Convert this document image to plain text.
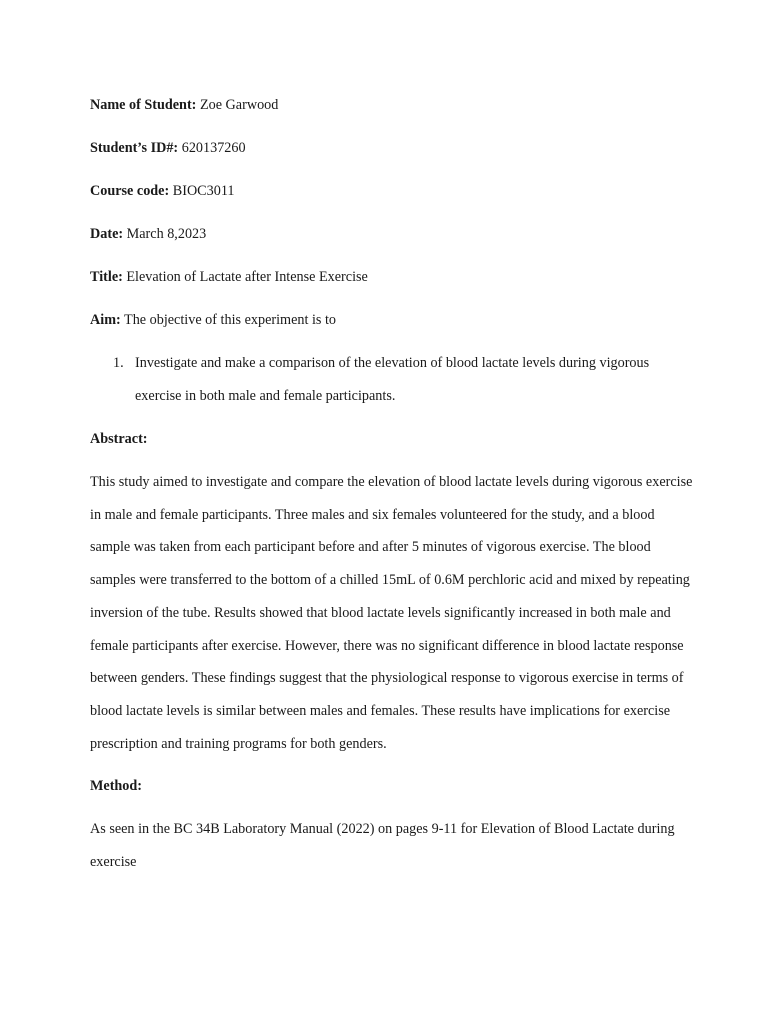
Name of Student: Zoe Garwood

Student’s ID#: 620137260

Course code: BIOC3011

Date: March 8,2023

Title: Elevation of Lactate after Intense Exercise

Aim: The objective of this experiment is to

1. Investigate and make a comparison of the elevation of blood lactate levels during vigorous
exercise in both male and female participants.

Abstract:

This study aimed to investigate and compare the elevation of blood lactate levels during vigorous exercise
in male and female participants. Three males and six females volunteered for the study, and a blood
sample was taken from each participant before and after 5 minutes of vigorous exercise. The blood
samples were transferred to the bottom of a chilled 15mL of 0.6M perchloric acid and mixed by repeating
inversion of the tube. Results showed that blood lactate levels significantly increased in both male and
female participants after exercise. However, there was no significant difference in blood lactate response
between genders. These findings suggest that the physiological response to vigorous exercise in terms of
blood lactate levels is similar between males and females. These results have implications for exercise
prescription and training programs for both genders.

Method:

As seen in the BC 34B Laboratory Manual (2022) on pages 9-11 for Elevation of Blood Lactate during
exercise
